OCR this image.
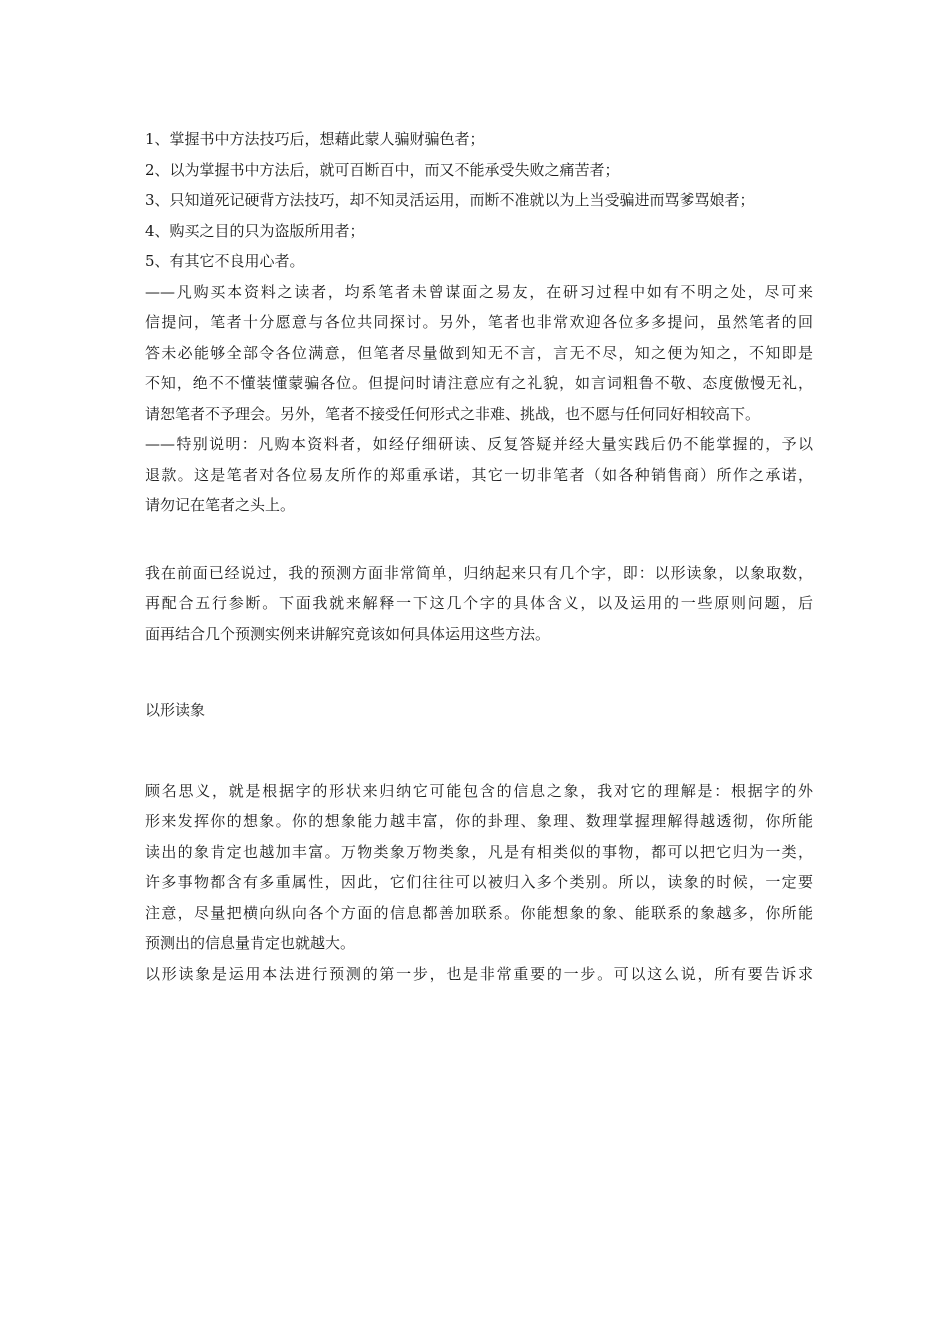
1、掌握书中方法技巧后，想藉此蒙人骗财骗色者；
2、以为掌握书中方法后，就可百断百中，而又不能承受失败之痛苦者；
3、只知道死记硬背方法技巧，却不知灵活运用，而断不准就以为上当受骗进而骂爹骂娘者；
4、购买之目的只为盗版所用者；
5、有其它不良用心者。
——凡购买本资料之读者，均系笔者未曾谋面之易友，在研习过程中如有不明之处，尽可来
信提问，笔者十分愿意与各位共同探讨。另外，笔者也非常欢迎各位多多提问，虽然笔者的回
答未必能够全部令各位满意，但笔者尽量做到知无不言，言无不尽，知之便为知之，不知即是
不知，绝不不懂装懂蒙骗各位。但提问时请注意应有之礼貌，如言词粗鲁不敬、态度傲慢无礼，
请恕笔者不予理会。另外，笔者不接受任何形式之非难、挑战，也不愿与任何同好相较高下。
——特别说明：凡购本资料者，如经仔细研读、反复答疑并经大量实践后仍不能掌握的，予以
退款。这是笔者对各位易友所作的郑重承诺，其它一切非笔者（如各种销售商）所作之承诺，
请勿记在笔者之头上。
我在前面已经说过，我的预测方面非常简单，归纳起来只有几个字，即：以形读象，以象取数，
再配合五行参断。下面我就来解释一下这几个字的具体含义，以及运用的一些原则问题，后
面再结合几个预测实例来讲解究竟该如何具体运用这些方法。
以形读象
顾名思义，就是根据字的形状来归纳它可能包含的信息之象，我对它的理解是：根据字的外
形来发挥你的想象。你的想象能力越丰富，你的卦理、象理、数理掌握理解得越透彻，你所能
读出的象肯定也越加丰富。万物类象万物类象，凡是有相类似的事物，都可以把它归为一类，
许多事物都含有多重属性，因此，它们往往可以被归入多个类别。所以，读象的时候，一定要
注意，尽量把横向纵向各个方面的信息都善加联系。你能想象的象、能联系的象越多，你所能
预测出的信息量肯定也就越大。
以形读象是运用本法进行预测的第一步，也是非常重要的一步。可以这么说，所有要告诉求
